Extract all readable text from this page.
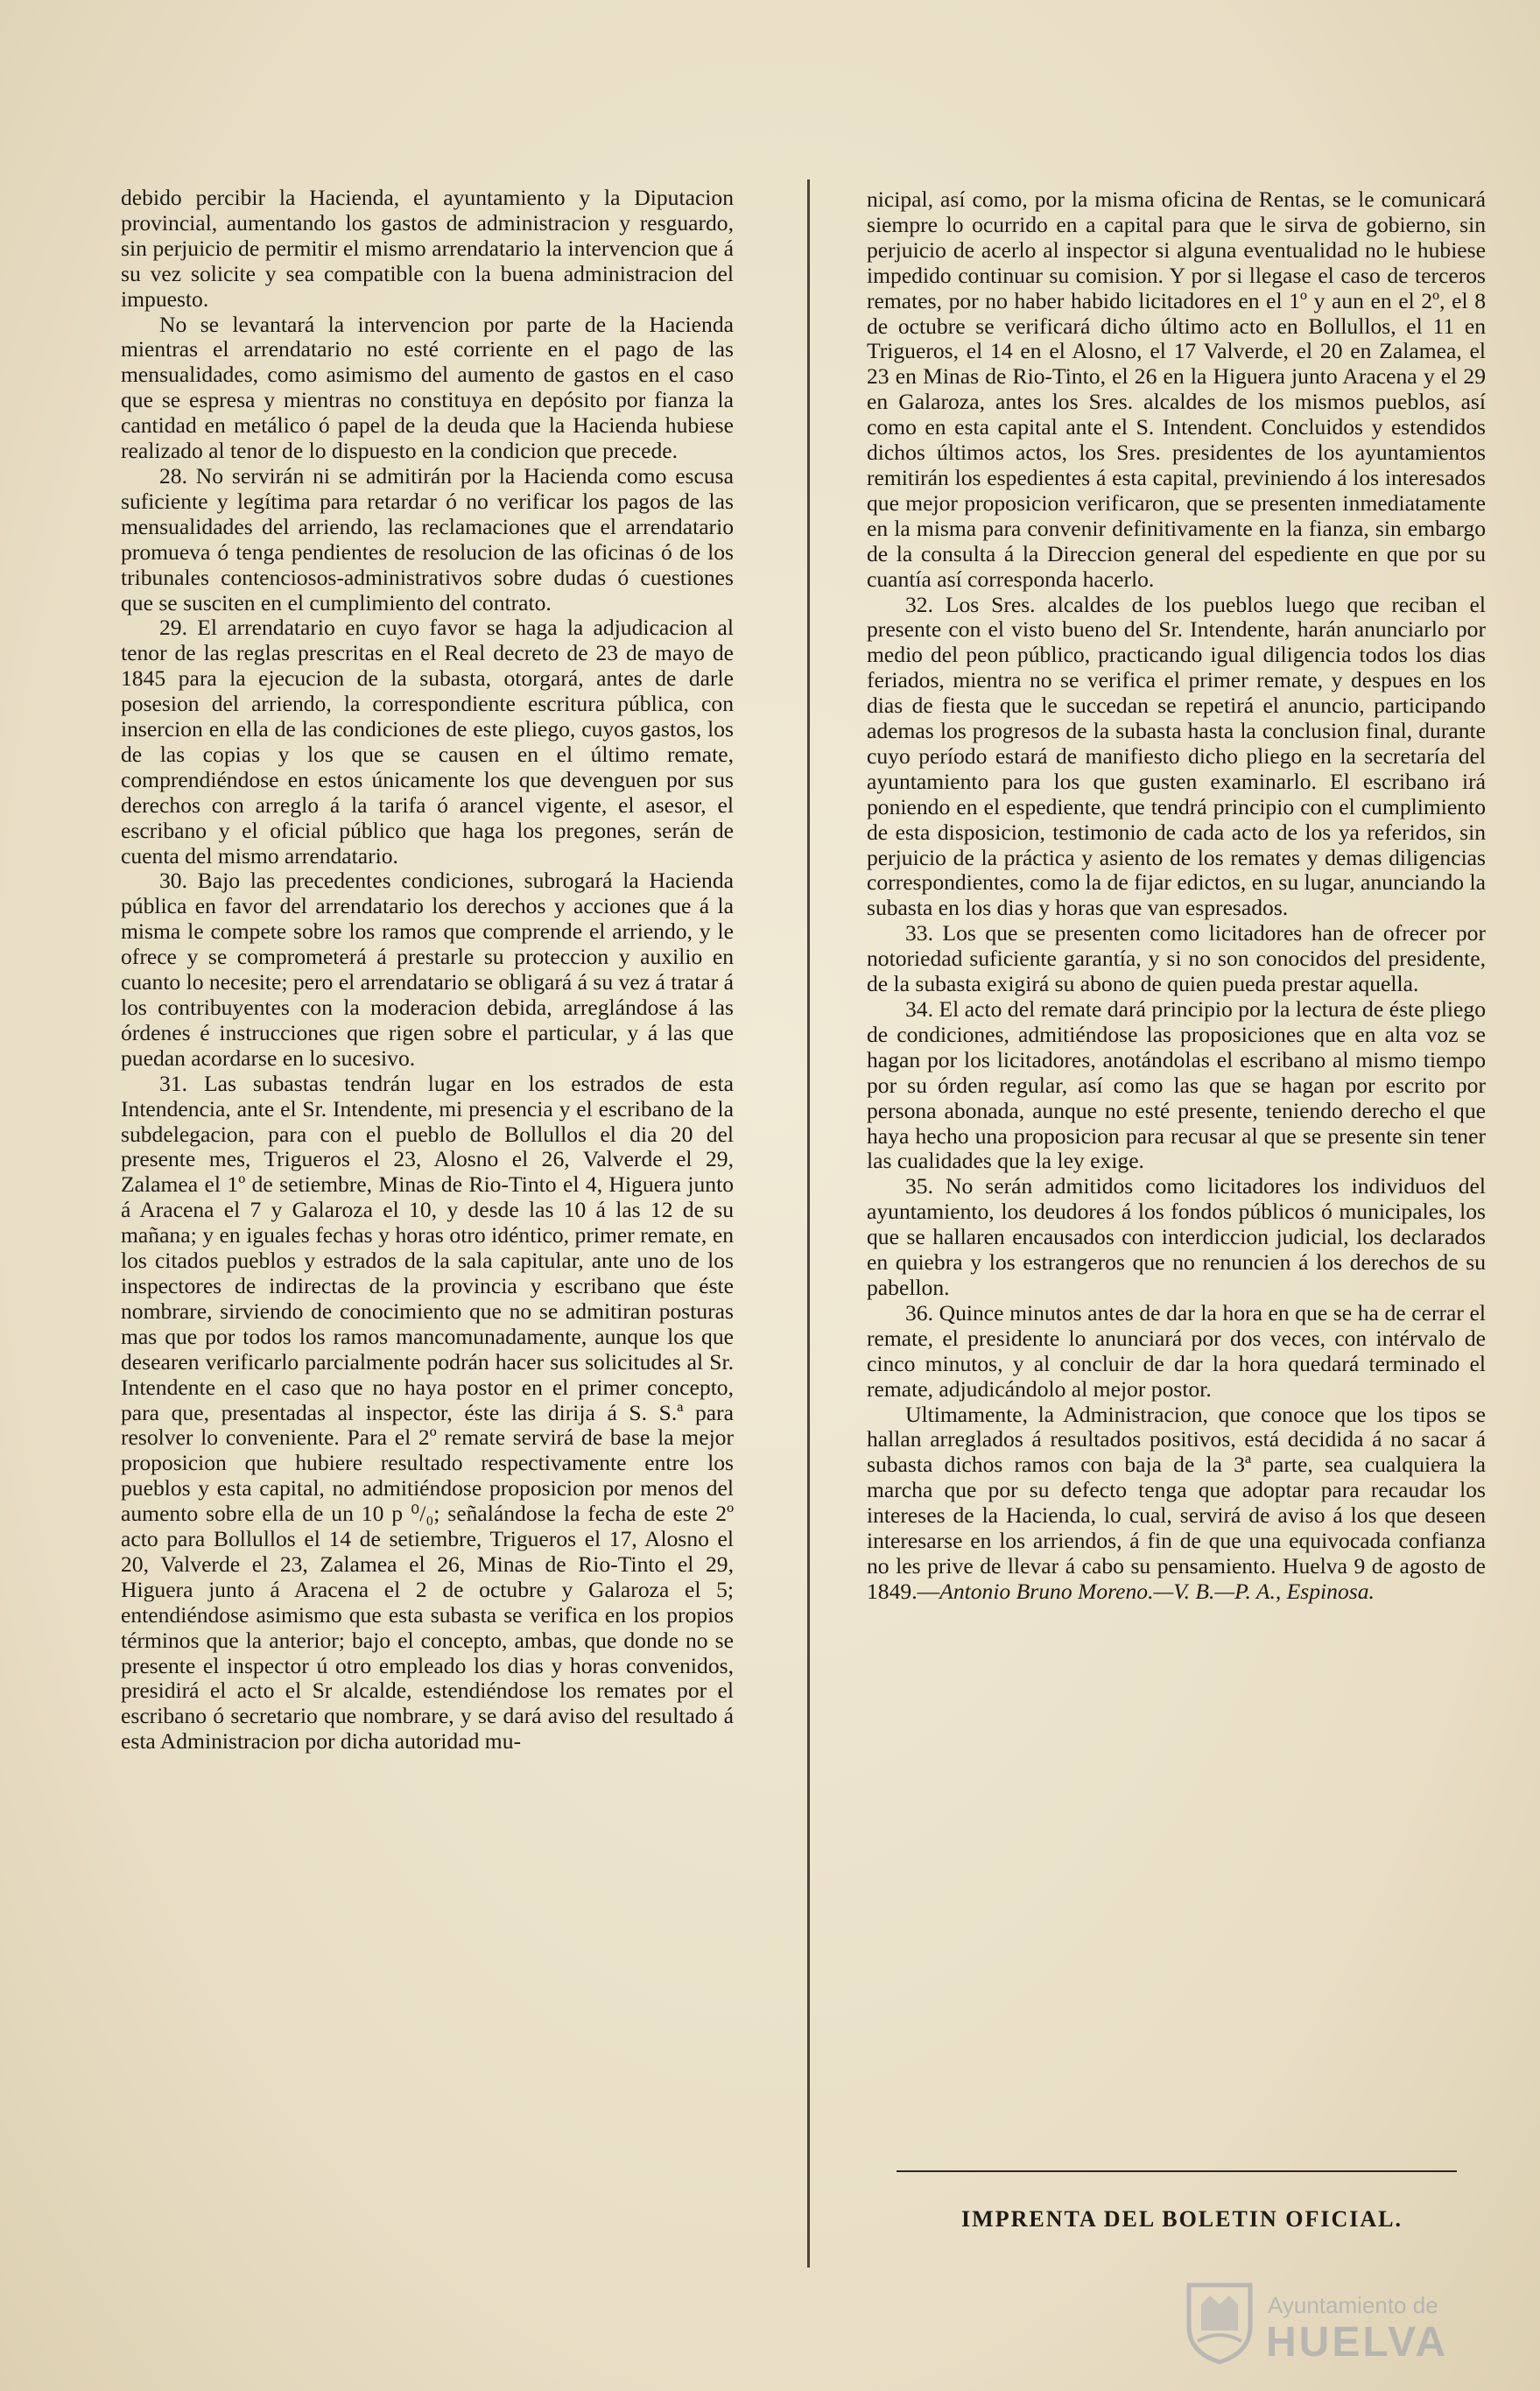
debido percibir la Hacienda, el ayuntamiento y la Diputacion provincial, aumentando los gastos de administracion y resguardo, sin perjuicio de permitir el mismo arrendatario la intervencion que á su vez solicite y sea compatible con la buena administracion del impuesto.

No se levantará la intervencion por parte de la Hacienda mientras el arrendatario no esté corriente en el pago de las mensualidades, como asimismo del aumento de gastos en el caso que se espresa y mientras no constituya en depósito por fianza la cantidad en metálico ó papel de la deuda que la Hacienda hubiese realizado al tenor de lo dispuesto en la condicion que precede.

28. No servirán ni se admitirán por la Hacienda como escusa suficiente y legítima para retardar ó no verificar los pagos de las mensualidades del arriendo, las reclamaciones que el arrendatario promueva ó tenga pendientes de resolucion de las oficinas ó de los tribunales contenciosos-administrativos sobre dudas ó cuestiones que se susciten en el cumplimiento del contrato.

29. El arrendatario en cuyo favor se haga la adjudicacion al tenor de las reglas prescritas en el Real decreto de 23 de mayo de 1845 para la ejecucion de la subasta, otorgará, antes de darle posesion del arriendo, la correspondiente escritura pública, con insercion en ella de las condiciones de este pliego, cuyos gastos, los de las copias y los que se causen en el último remate, comprendiéndose en estos únicamente los que devenguen por sus derechos con arreglo á la tarifa ó arancel vigente, el asesor, el escribano y el oficial público que haga los pregones, serán de cuenta del mismo arrendatario.

30. Bajo las precedentes condiciones, subrogará la Hacienda pública en favor del arrendatario los derechos y acciones que á la misma le compete sobre los ramos que comprende el arriendo, y le ofrece y se comprometerá á prestarle su proteccion y auxilio en cuanto lo necesite; pero el arrendatario se obligará á su vez á tratar á los contribuyentes con la moderacion debida, arreglándose á las órdenes é instrucciones que rigen sobre el particular, y á las que puedan acordarse en lo sucesivo.

31. Las subastas tendrán lugar en los estrados de esta Intendencia, ante el Sr. Intendente, mi presencia y el escribano de la subdelegacion, para con el pueblo de Bollullos el dia 20 del presente mes, Trigueros el 23, Alosno el 26, Valverde el 29, Zalamea el 1º de setiembre, Minas de Rio-Tinto el 4, Higuera junto á Aracena el 7 y Galaroza el 10, y desde las 10 á las 12 de su mañana; y en iguales fechas y horas otro idéntico, primer remate, en los citados pueblos y estrados de la sala capitular, ante uno de los inspectores de indirectas de la provincia y escribano que éste nombrare, sirviendo de conocimiento que no se admitiran posturas mas que por todos los ramos mancomunadamente, aunque los que desearen verificarlo parcialmente podrán hacer sus solicitudes al Sr. Intendente en el caso que no haya postor en el primer concepto, para que, presentadas al inspector, éste las dirija á S. S.ª para resolver lo conveniente. Para el 2º remate servirá de base la mejor proposicion que hubiere resultado respectivamente entre los pueblos y esta capital, no admitiéndose proposicion por menos del aumento sobre ella de un 10 p ⁰/₀; señalándose la fecha de este 2º acto para Bollullos el 14 de setiembre, Trigueros el 17, Alosno el 20, Valverde el 23, Zalamea el 26, Minas de Rio-Tinto el 29, Higuera junto á Aracena el 2 de octubre y Galaroza el 5; entendiéndose asimismo que esta subasta se verifica en los propios términos que la anterior; bajo el concepto, ambas, que donde no se presente el inspector ú otro empleado los dias y horas convenidos, presidirá el acto el Sr alcalde, estendiéndose los remates por el escribano ó secretario que nombrare, y se dará aviso del resultado á esta Administracion por dicha autoridad mu-

nicipal, así como, por la misma oficina de Rentas, se le comunicará siempre lo ocurrido en a capital para que le sirva de gobierno, sin perjuicio de acerlo al inspector si alguna eventualidad no le hubiese impedido continuar su comision. Y por si llegase el caso de terceros remates, por no haber habido licitadores en el 1º y aun en el 2º, el 8 de octubre se verificará dicho último acto en Bollullos, el 11 en Trigueros, el 14 en el Alosno, el 17 Valverde, el 20 en Zalamea, el 23 en Minas de Rio-Tinto, el 26 en la Higuera junto Aracena y el 29 en Galaroza, antes los Sres. alcaldes de los mismos pueblos, así como en esta capital ante el S. Intendent. Concluidos y estendidos dichos últimos actos, los Sres. presidentes de los ayuntamientos remitirán los espedientes á esta capital, previniendo á los interesados que mejor proposicion verificaron, que se presenten inmediatamente en la misma para convenir definitivamente en la fianza, sin embargo de la consulta á la Direccion general del espediente en que por su cuantía así corresponda hacerlo.

32. Los Sres. alcaldes de los pueblos luego que reciban el presente con el visto bueno del Sr. Intendente, harán anunciarlo por medio del peon público, practicando igual diligencia todos los dias feriados, mientra no se verifica el primer remate, y despues en los dias de fiesta que le succedan se repetirá el anuncio, participando ademas los progresos de la subasta hasta la conclusion final, durante cuyo período estará de manifiesto dicho pliego en la secretaría del ayuntamiento para los que gusten examinarlo. El escribano irá poniendo en el espediente, que tendrá principio con el cumplimiento de esta disposicion, testimonio de cada acto de los ya referidos, sin perjuicio de la práctica y asiento de los remates y demas diligencias correspondientes, como la de fijar edictos, en su lugar, anunciando la subasta en los dias y horas que van espresados.

33. Los que se presenten como licitadores han de ofrecer por notoriedad suficiente garantía, y si no son conocidos del presidente, de la subasta exigirá su abono de quien pueda prestar aquella.

34. El acto del remate dará principio por la lectura de éste pliego de condiciones, admitiéndose las proposiciones que en alta voz se hagan por los licitadores, anotándolas el escribano al mismo tiempo por su órden regular, así como las que se hagan por escrito por persona abonada, aunque no esté presente, teniendo derecho el que haya hecho una proposicion para recusar al que se presente sin tener las cualidades que la ley exige.

35. No serán admitidos como licitadores los individuos del ayuntamiento, los deudores á los fondos públicos ó municipales, los que se hallaren encausados con interdiccion judicial, los declarados en quiebra y los estrangeros que no renuncien á los derechos de su pabellon.

36. Quince minutos antes de dar la hora en que se ha de cerrar el remate, el presidente lo anunciará por dos veces, con intérvalo de cinco minutos, y al concluir de dar la hora quedará terminado el remate, adjudicándolo al mejor postor.

Ultimamente, la Administracion, que conoce que los tipos se hallan arreglados á resultados positivos, está decidida á no sacar á subasta dichos ramos con baja de la 3ª parte, sea cualquiera la marcha que por su defecto tenga que adoptar para recaudar los intereses de la Hacienda, lo cual, servirá de aviso á los que deseen interesarse en los arriendos, á fin de que una equivocada confianza no les prive de llevar á cabo su pensamiento. Huelva 9 de agosto de 1849.—Antonio Bruno Moreno.—V. B.—P. A., Espinosa.

IMPRENTA DEL BOLETIN OFICIAL.
Ayuntamiento de
HUELVA
